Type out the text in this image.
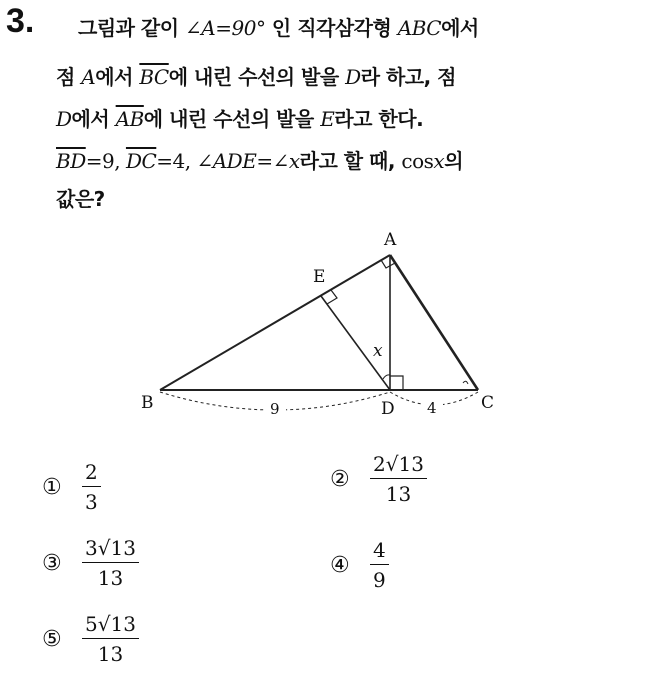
3. 그림과 같이 ∠A=90° 인 직각삼각형 ABC에서
점 A에서 $\overline{BC}$에 내린 수선의 발을 D라 하고, 점
D에서 $\overline{AB}$에 내린 수선의 발을 E라고 한다.
$\overline{BD}=9$, $\overline{DC}=4$, ∠ADE=∠x라고 할 때, cosx의
값은?
A
B	C
D
E
x
9	4
①	$\frac{2}{3}$	②	$\frac{2√13}{13}$
③	$\frac{3√13}{13}$	④	$\frac{4}{9}$
⑤	$\frac{5√13}{13}$
